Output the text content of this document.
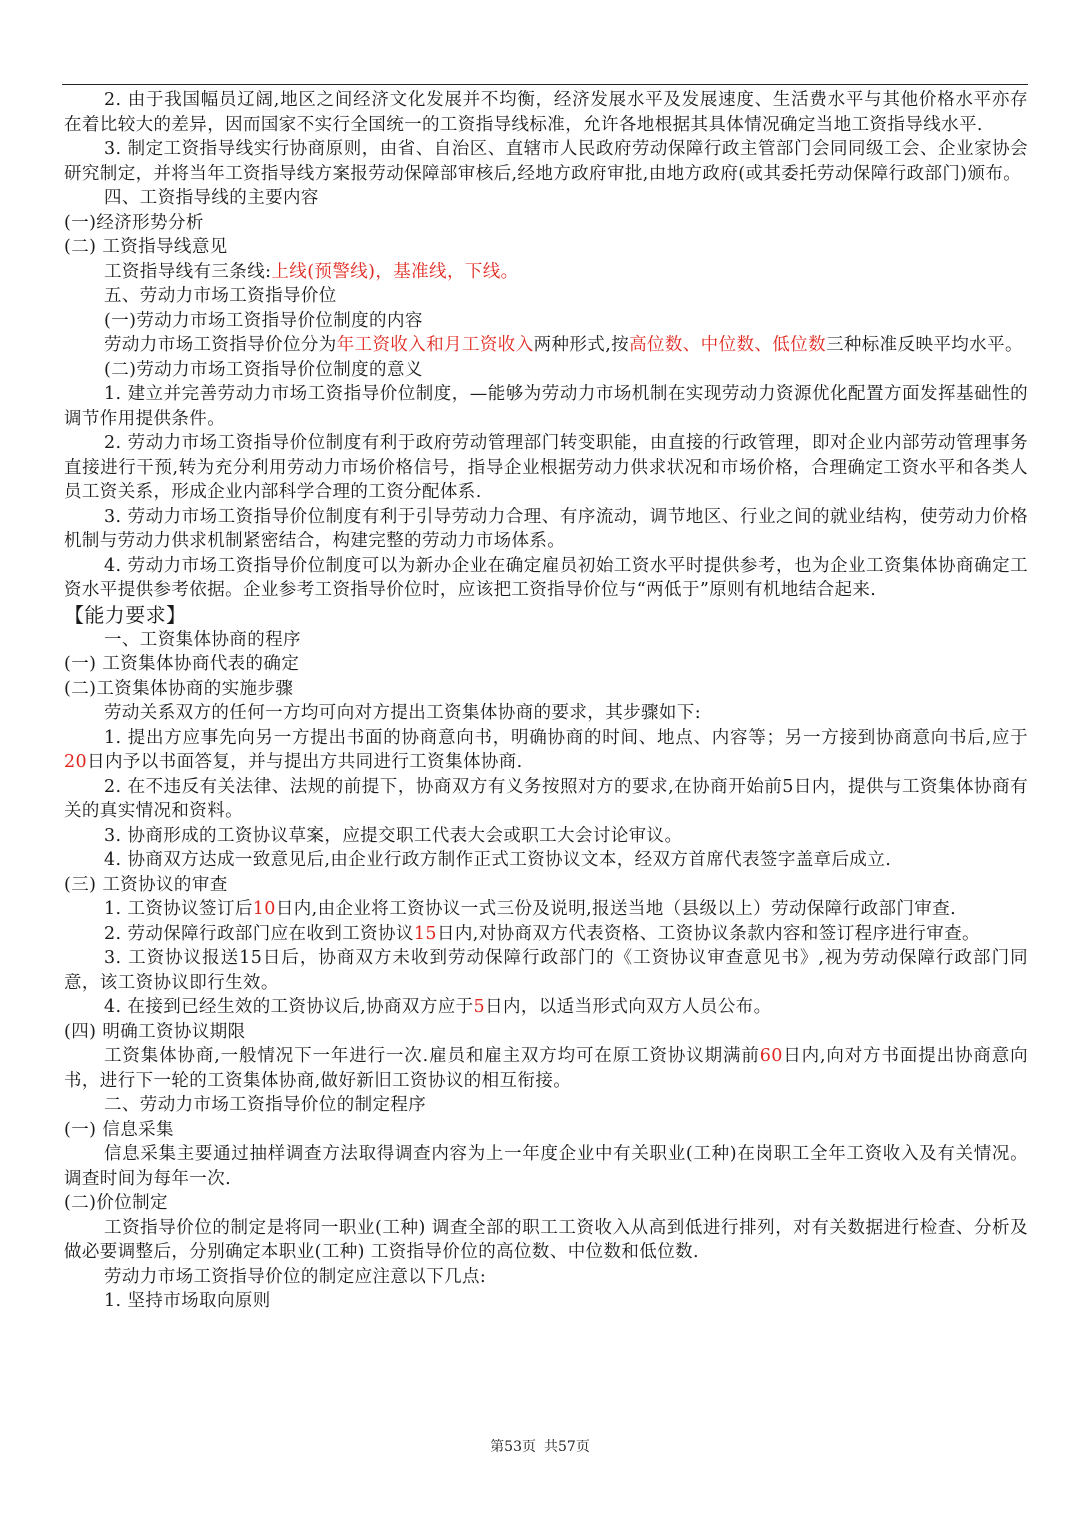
2. 由于我国幅员辽阔,地区之间经济文化发展并不均衡，经济发展水平及发展速度、生活费水平与其他价格水平亦存在着比较大的差异，因而国家不实行全国统一的工资指导线标准，允许各地根据其具体情况确定当地工资指导线水平.

3. 制定工资指导线实行协商原则，由省、自治区、直辖市人民政府劳动保障行政主管部门会同同级工会、企业家协会研究制定，并将当年工资指导线方案报劳动保障部审核后,经地方政府审批,由地方政府(或其委托劳动保障行政部门)颁布。

四、工资指导线的主要内容

(一)经济形势分析

(二) 工资指导线意见

工资指导线有三条线:上线(预警线)，基准线，下线。

五、劳动力市场工资指导价位

(一)劳动力市场工资指导价位制度的内容

劳动力市场工资指导价位分为年工资收入和月工资收入两种形式,按高位数、中位数、低位数三种标准反映平均水平。

(二)劳动力市场工资指导价位制度的意义

1. 建立并完善劳动力市场工资指导价位制度，—能够为劳动力市场机制在实现劳动力资源优化配置方面发挥基础性的调节作用提供条件。

2. 劳动力市场工资指导价位制度有利于政府劳动管理部门转变职能，由直接的行政管理，即对企业内部劳动管理事务直接进行干预,转为充分利用劳动力市场价格信号，指导企业根据劳动力供求状况和市场价格，合理确定工资水平和各类人员工资关系，形成企业内部科学合理的工资分配体系.

3. 劳动力市场工资指导价位制度有利于引导劳动力合理、有序流动，调节地区、行业之间的就业结构，使劳动力价格机制与劳动力供求机制紧密结合，构建完整的劳动力市场体系。

4. 劳动力市场工资指导价位制度可以为新办企业在确定雇员初始工资水平时提供参考，也为企业工资集体协商确定工资水平提供参考依据。企业参考工资指导价位时，应该把工资指导价位与“两低于”原则有机地结合起来.

【能力要求】

一、工资集体协商的程序

(一) 工资集体协商代表的确定

(二)工资集体协商的实施步骤

劳动关系双方的任何一方均可向对方提出工资集体协商的要求，其步骤如下:

1. 提出方应事先向另一方提出书面的协商意向书，明确协商的时间、地点、内容等；另一方接到协商意向书后,应于20日内予以书面答复，并与提出方共同进行工资集体协商.

2. 在不违反有关法律、法规的前提下，协商双方有义务按照对方的要求,在协商开始前5日内，提供与工资集体协商有关的真实情况和资料。

3. 协商形成的工资协议草案，应提交职工代表大会或职工大会讨论审议。

4. 协商双方达成一致意见后,由企业行政方制作正式工资协议文本，经双方首席代表签字盖章后成立.

(三) 工资协议的审查

1. 工资协议签订后10日内,由企业将工资协议一式三份及说明,报送当地（县级以上）劳动保障行政部门审查.

2. 劳动保障行政部门应在收到工资协议15日内,对协商双方代表资格、工资协议条款内容和签订程序进行审查。

3. 工资协议报送15日后，协商双方未收到劳动保障行政部门的《工资协议审查意见书》,视为劳动保障行政部门同意，该工资协议即行生效。

4. 在接到已经生效的工资协议后,协商双方应于5日内，以适当形式向双方人员公布。

(四) 明确工资协议期限

工资集体协商,一般情况下一年进行一次.雇员和雇主双方均可在原工资协议期满前60日内,向对方书面提出协商意向书，进行下一轮的工资集体协商,做好新旧工资协议的相互衔接。

二、劳动力市场工资指导价位的制定程序

(一) 信息采集

信息采集主要通过抽样调查方法取得调查内容为上一年度企业中有关职业(工种)在岗职工全年工资收入及有关情况。调查时间为每年一次.

(二)价位制定

工资指导价位的制定是将同一职业(工种) 调查全部的职工工资收入从高到低进行排列，对有关数据进行检查、分析及做必要调整后，分别确定本职业(工种) 工资指导价位的高位数、中位数和低位数.

劳动力市场工资指导价位的制定应注意以下几点:

1. 坚持市场取向原则

第53页 共57页
